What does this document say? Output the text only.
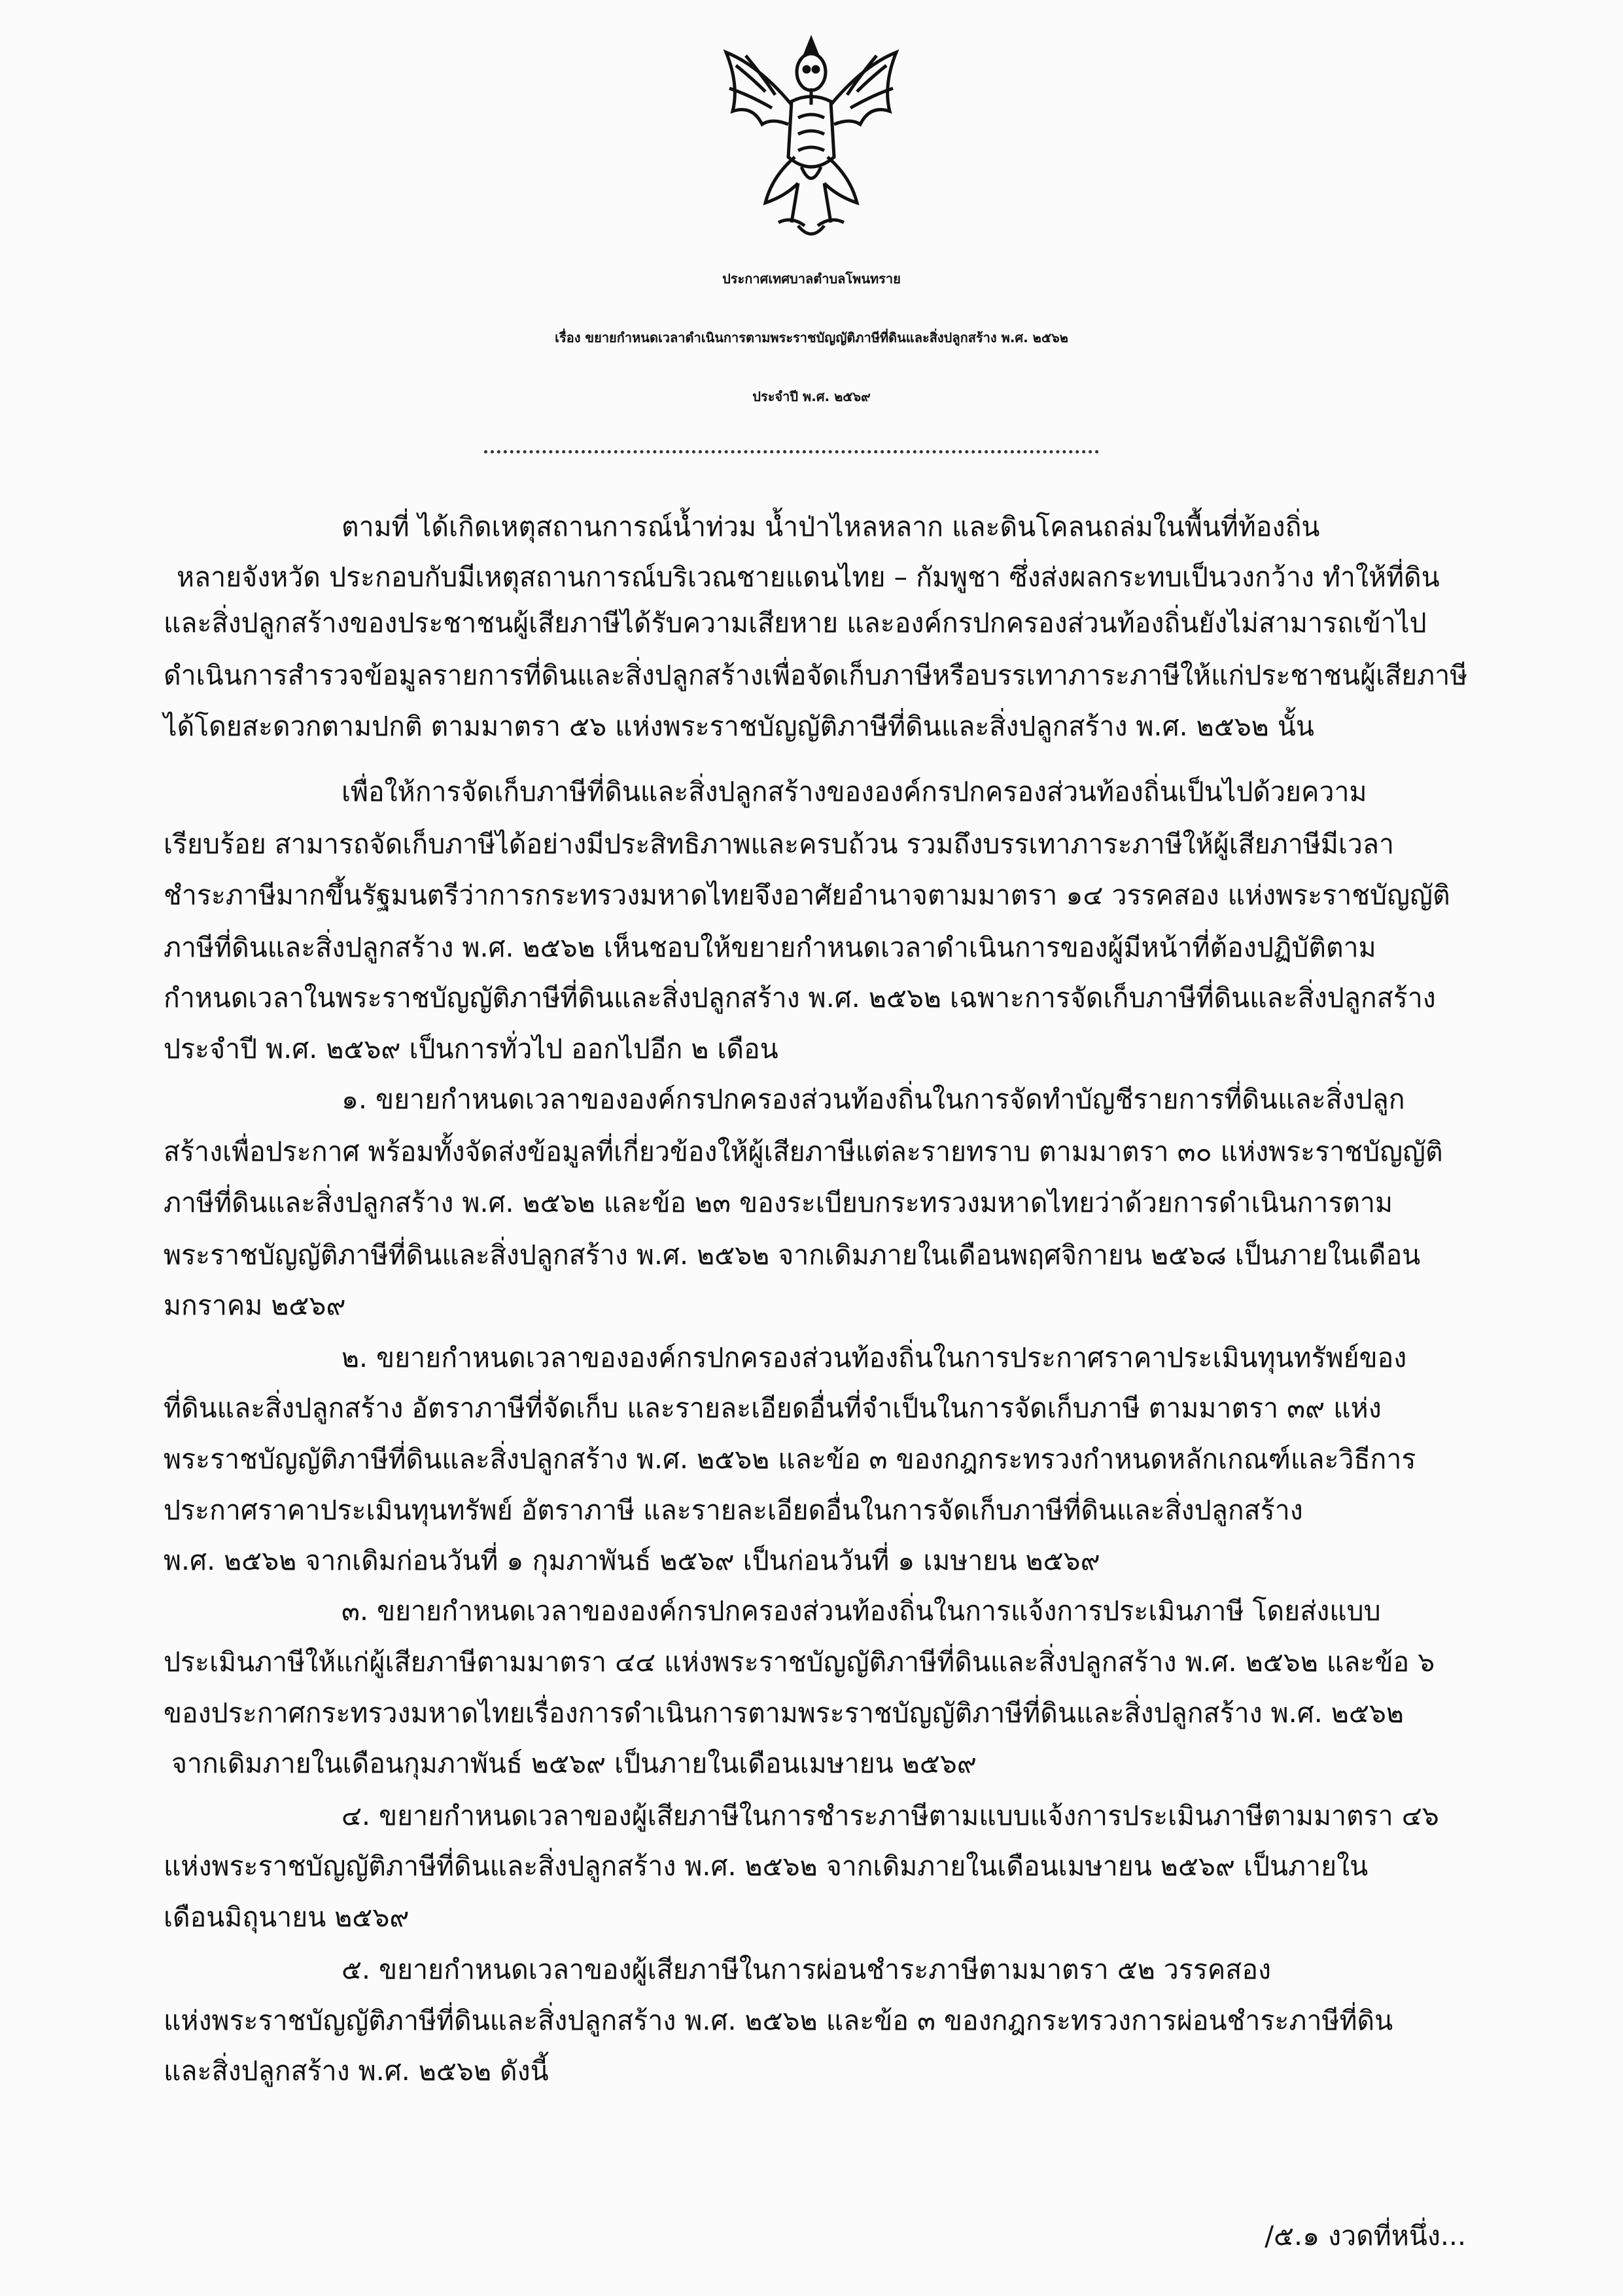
ประกาศเทศบาลตำบลโพนทราย
เรื่อง ขยายกำหนดเวลาดำเนินการตามพระราชบัญญัติภาษีที่ดินและสิ่งปลูกสร้าง พ.ศ. ๒๕๖๒
ประจำปี พ.ศ. ๒๕๖๙
ตามที่ ได้เกิดเหตุสถานการณ์น้ำท่วม น้ำป่าไหลหลาก และดินโคลนถล่มในพื้นที่ท้องถิ่น
หลายจังหวัด ประกอบกับมีเหตุสถานการณ์บริเวณชายแดนไทย – กัมพูชา ซึ่งส่งผลกระทบเป็นวงกว้าง ทำให้ที่ดิน
และสิ่งปลูกสร้างของประชาชนผู้เสียภาษีได้รับความเสียหาย และองค์กรปกครองส่วนท้องถิ่นยังไม่สามารถเข้าไป
ดำเนินการสำรวจข้อมูลรายการที่ดินและสิ่งปลูกสร้างเพื่อจัดเก็บภาษีหรือบรรเทาภาระภาษีให้แก่ประชาชนผู้เสียภาษี
ได้โดยสะดวกตามปกติ ตามมาตรา ๕๖ แห่งพระราชบัญญัติภาษีที่ดินและสิ่งปลูกสร้าง พ.ศ. ๒๕๖๒ นั้น
เพื่อให้การจัดเก็บภาษีที่ดินและสิ่งปลูกสร้างขององค์กรปกครองส่วนท้องถิ่นเป็นไปด้วยความ
เรียบร้อย สามารถจัดเก็บภาษีได้อย่างมีประสิทธิภาพและครบถ้วน รวมถึงบรรเทาภาระภาษีให้ผู้เสียภาษีมีเวลา
ชำระภาษีมากขึ้นรัฐมนตรีว่าการกระทรวงมหาดไทยจึงอาศัยอำนาจตามมาตรา ๑๔ วรรคสอง แห่งพระราชบัญญัติ
ภาษีที่ดินและสิ่งปลูกสร้าง พ.ศ. ๒๕๖๒ เห็นชอบให้ขยายกำหนดเวลาดำเนินการของผู้มีหน้าที่ต้องปฏิบัติตาม
กำหนดเวลาในพระราชบัญญัติภาษีที่ดินและสิ่งปลูกสร้าง พ.ศ. ๒๕๖๒ เฉพาะการจัดเก็บภาษีที่ดินและสิ่งปลูกสร้าง
ประจำปี พ.ศ. ๒๕๖๙ เป็นการทั่วไป ออกไปอีก ๒ เดือน
๑. ขยายกำหนดเวลาขององค์กรปกครองส่วนท้องถิ่นในการจัดทำบัญชีรายการที่ดินและสิ่งปลูก
สร้างเพื่อประกาศ พร้อมทั้งจัดส่งข้อมูลที่เกี่ยวข้องให้ผู้เสียภาษีแต่ละรายทราบ ตามมาตรา ๓๐ แห่งพระราชบัญญัติ
ภาษีที่ดินและสิ่งปลูกสร้าง พ.ศ. ๒๕๖๒ และข้อ ๒๓ ของระเบียบกระทรวงมหาดไทยว่าด้วยการดำเนินการตาม
พระราชบัญญัติภาษีที่ดินและสิ่งปลูกสร้าง พ.ศ. ๒๕๖๒ จากเดิมภายในเดือนพฤศจิกายน ๒๕๖๘ เป็นภายในเดือน
มกราคม ๒๕๖๙
๒. ขยายกำหนดเวลาขององค์กรปกครองส่วนท้องถิ่นในการประกาศราคาประเมินทุนทรัพย์ของ
ที่ดินและสิ่งปลูกสร้าง อัตราภาษีที่จัดเก็บ และรายละเอียดอื่นที่จำเป็นในการจัดเก็บภาษี ตามมาตรา ๓๙ แห่ง
พระราชบัญญัติภาษีที่ดินและสิ่งปลูกสร้าง พ.ศ. ๒๕๖๒ และข้อ ๓ ของกฎกระทรวงกำหนดหลักเกณฑ์และวิธีการ
ประกาศราคาประเมินทุนทรัพย์ อัตราภาษี และรายละเอียดอื่นในการจัดเก็บภาษีที่ดินและสิ่งปลูกสร้าง
พ.ศ. ๒๕๖๒ จากเดิมก่อนวันที่ ๑ กุมภาพันธ์ ๒๕๖๙ เป็นก่อนวันที่ ๑ เมษายน ๒๕๖๙
๓. ขยายกำหนดเวลาขององค์กรปกครองส่วนท้องถิ่นในการแจ้งการประเมินภาษี โดยส่งแบบ
ประเมินภาษีให้แก่ผู้เสียภาษีตามมาตรา ๔๔ แห่งพระราชบัญญัติภาษีที่ดินและสิ่งปลูกสร้าง พ.ศ. ๒๕๖๒ และข้อ ๖
ของประกาศกระทรวงมหาดไทยเรื่องการดำเนินการตามพระราชบัญญัติภาษีที่ดินและสิ่งปลูกสร้าง พ.ศ. ๒๕๖๒
จากเดิมภายในเดือนกุมภาพันธ์ ๒๕๖๙ เป็นภายในเดือนเมษายน ๒๕๖๙
๔. ขยายกำหนดเวลาของผู้เสียภาษีในการชำระภาษีตามแบบแจ้งการประเมินภาษีตามมาตรา ๔๖
แห่งพระราชบัญญัติภาษีที่ดินและสิ่งปลูกสร้าง พ.ศ. ๒๕๖๒ จากเดิมภายในเดือนเมษายน ๒๕๖๙ เป็นภายใน
เดือนมิถุนายน ๒๕๖๙
๕. ขยายกำหนดเวลาของผู้เสียภาษีในการผ่อนชำระภาษีตามมาตรา ๕๒ วรรคสอง
แห่งพระราชบัญญัติภาษีที่ดินและสิ่งปลูกสร้าง พ.ศ. ๒๕๖๒ และข้อ ๓ ของกฎกระทรวงการผ่อนชำระภาษีที่ดิน
และสิ่งปลูกสร้าง พ.ศ. ๒๕๖๒ ดังนี้
/๕.๑ งวดที่หนึ่ง...
